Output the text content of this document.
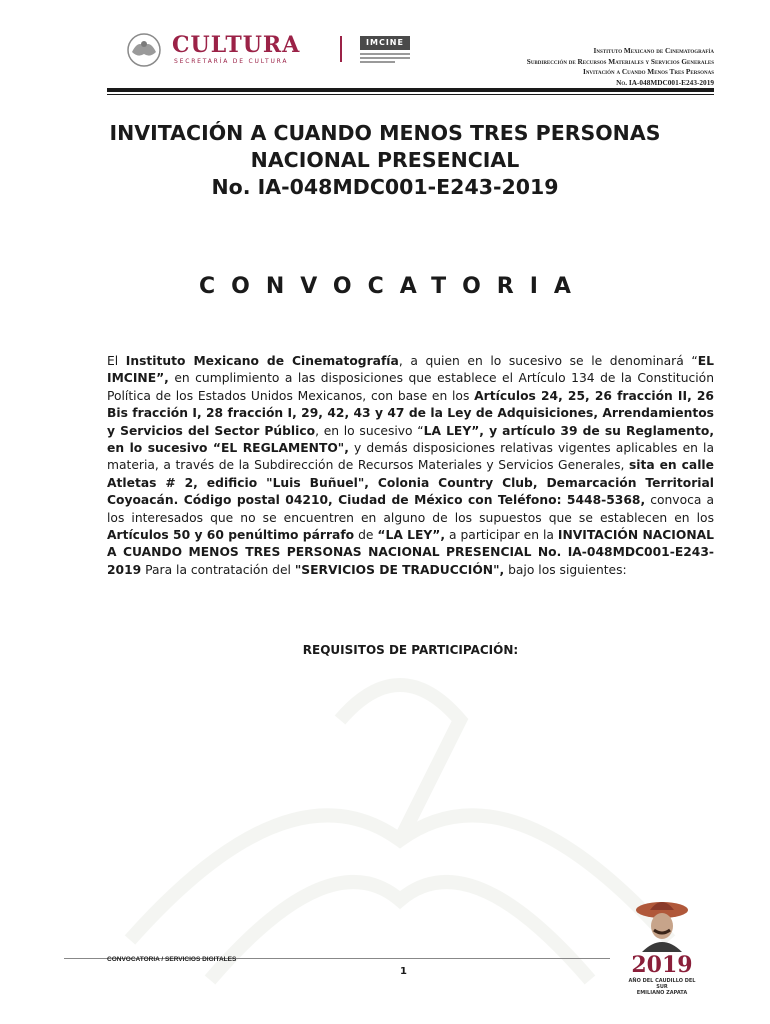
CULTURA
SECRETARÍA DE CULTURA
IMCINE
Instituto Mexicano de Cinematografía
Subdirección de Recursos Materiales y Servicios Generales
Invitación a Cuando Menos Tres Personas
No. IA-048MDC001-E243-2019
INVITACIÓN A CUANDO MENOS TRES PERSONAS
NACIONAL PRESENCIAL
No. IA-048MDC001-E243-2019
CONVOCATORIA
El Instituto Mexicano de Cinematografía, a quien en lo sucesivo se le denominará “EL IMCINE”, en cumplimiento a las disposiciones que establece el Artículo 134 de la Constitución Política de los Estados Unidos Mexicanos, con base en los Artículos 24, 25, 26 fracción II, 26 Bis fracción I, 28 fracción I, 29, 42, 43 y 47 de la Ley de Adquisiciones, Arrendamientos y Servicios del Sector Público, en lo sucesivo “LA LEY”, y artículo 39 de su Reglamento, en lo sucesivo “EL REGLAMENTO", y demás disposiciones relativas vigentes aplicables en la materia, a través de la Subdirección de Recursos Materiales y Servicios Generales, sita en calle Atletas # 2, edificio "Luis Buñuel", Colonia Country Club, Demarcación Territorial Coyoacán. Código postal 04210, Ciudad de México con Teléfono: 5448-5368, convoca a los interesados que no se encuentren en alguno de los supuestos que se establecen en los Artículos 50 y 60 penúltimo párrafo de “LA LEY”, a participar en la INVITACIÓN NACIONAL A CUANDO MENOS TRES PERSONAS NACIONAL PRESENCIAL No. IA-048MDC001-E243-2019 Para la contratación del "SERVICIOS DE TRADUCCIÓN", bajo los siguientes:
REQUISITOS DE PARTICIPACIÓN:
CONVOCATORIA / SERVICIOS DIGITALES
1	2019
AÑO DEL CAUDILLO DEL SUR
EMILIANO ZAPATA
